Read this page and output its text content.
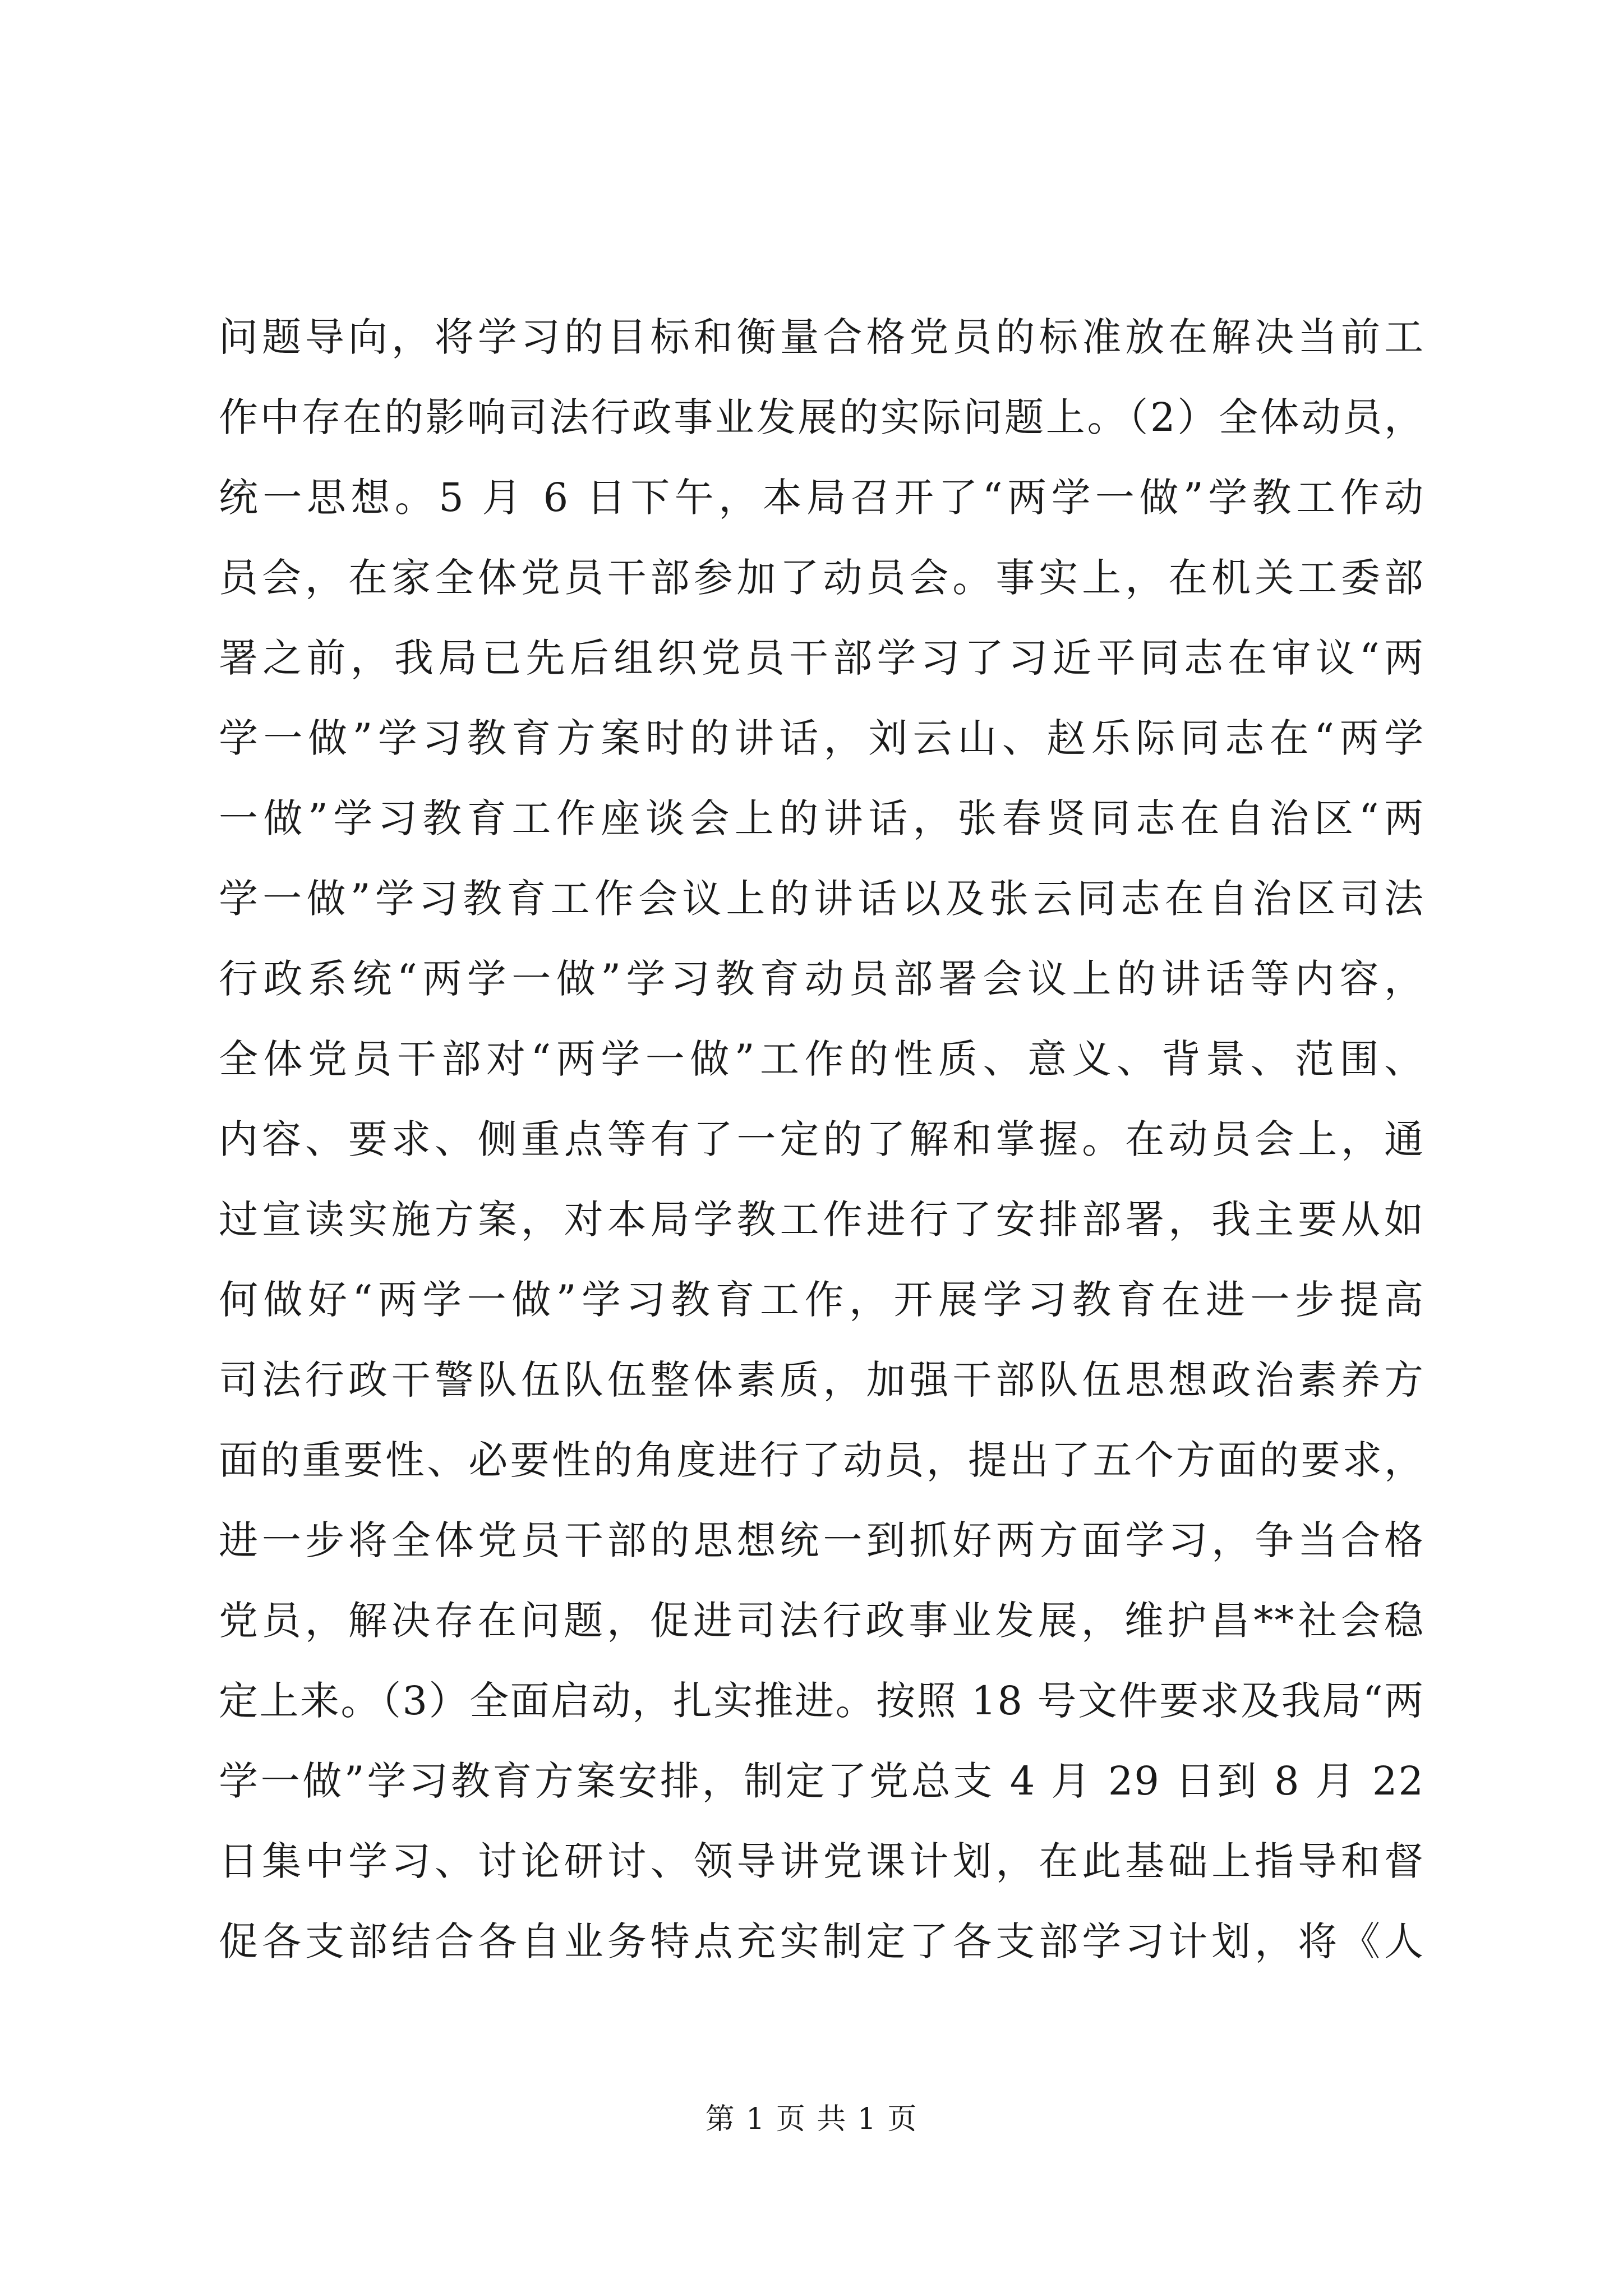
问题导向，将学习的目标和衡量合格党员的标准放在解决当前工
作中存在的影响司法行政事业发展的实际问题上。（2）全体动员，
统一思想。5 月 6 日下午，本局召开了“两学一做”学教工作动
员会，在家全体党员干部参加了动员会。事实上，在机关工委部
署之前，我局已先后组织党员干部学习了习近平同志在审议“两
学一做”学习教育方案时的讲话，刘云山、赵乐际同志在“两学
一做”学习教育工作座谈会上的讲话，张春贤同志在自治区“两
学一做”学习教育工作会议上的讲话以及张云同志在自治区司法
行政系统“两学一做”学习教育动员部署会议上的讲话等内容，
全体党员干部对“两学一做”工作的性质、意义、背景、范围、
内容、要求、侧重点等有了一定的了解和掌握。在动员会上，通
过宣读实施方案，对本局学教工作进行了安排部署，我主要从如
何做好“两学一做”学习教育工作，开展学习教育在进一步提高
司法行政干警队伍队伍整体素质，加强干部队伍思想政治素养方
面的重要性、必要性的角度进行了动员，提出了五个方面的要求，
进一步将全体党员干部的思想统一到抓好两方面学习，争当合格
党员，解决存在问题，促进司法行政事业发展，维护昌**社会稳
定上来。（3）全面启动，扎实推进。按照 18 号文件要求及我局“两
学一做”学习教育方案安排，制定了党总支 4 月 29 日到 8 月 22
日集中学习、讨论研讨、领导讲党课计划，在此基础上指导和督
促各支部结合各自业务特点充实制定了各支部学习计划，将《人
第 1 页 共 1 页
